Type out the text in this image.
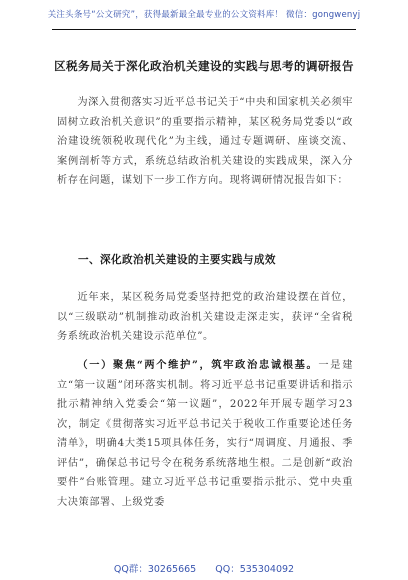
关注头条号“公文研究”，获得最新最全最专业的公文资料库！ 微信：gongwenyj
区税务局关于深化政治机关建设的实践与思考的调研报告
为深入贯彻落实习近平总书记关于“中央和国家机关必须牢固树立政治机关意识”的重要指示精神，某区税务局党委以“政治建设统领税收现代化”为主线，通过专题调研、座谈交流、案例剖析等方式，系统总结政治机关建设的实践成果，深入分析存在问题，谋划下一步工作方向。现将调研情况报告如下：
一、深化政治机关建设的主要实践与成效
近年来，某区税务局党委坚持把党的政治建设摆在首位，以“三级联动”机制推动政治机关建设走深走实，获评“全省税务系统政治机关建设示范单位”。
（一）聚焦“两个维护”，筑牢政治忠诚根基。一是建立“第一议题”闭环落实机制。将习近平总书记重要讲话和指示批示精神纳入党委会“第一议题”，2022年开展专题学习23次，制定《贯彻落实习近平总书记关于税收工作重要论述任务清单》，明确4大类15项具体任务，实行“周调度、月通报、季评估”，确保总书记号令在税务系统落地生根。二是创新“政治要件”台账管理。建立习近平总书记重要指示批示、党中央重大决策部署、上级党委
QQ群：30265665 QQ：535304092
